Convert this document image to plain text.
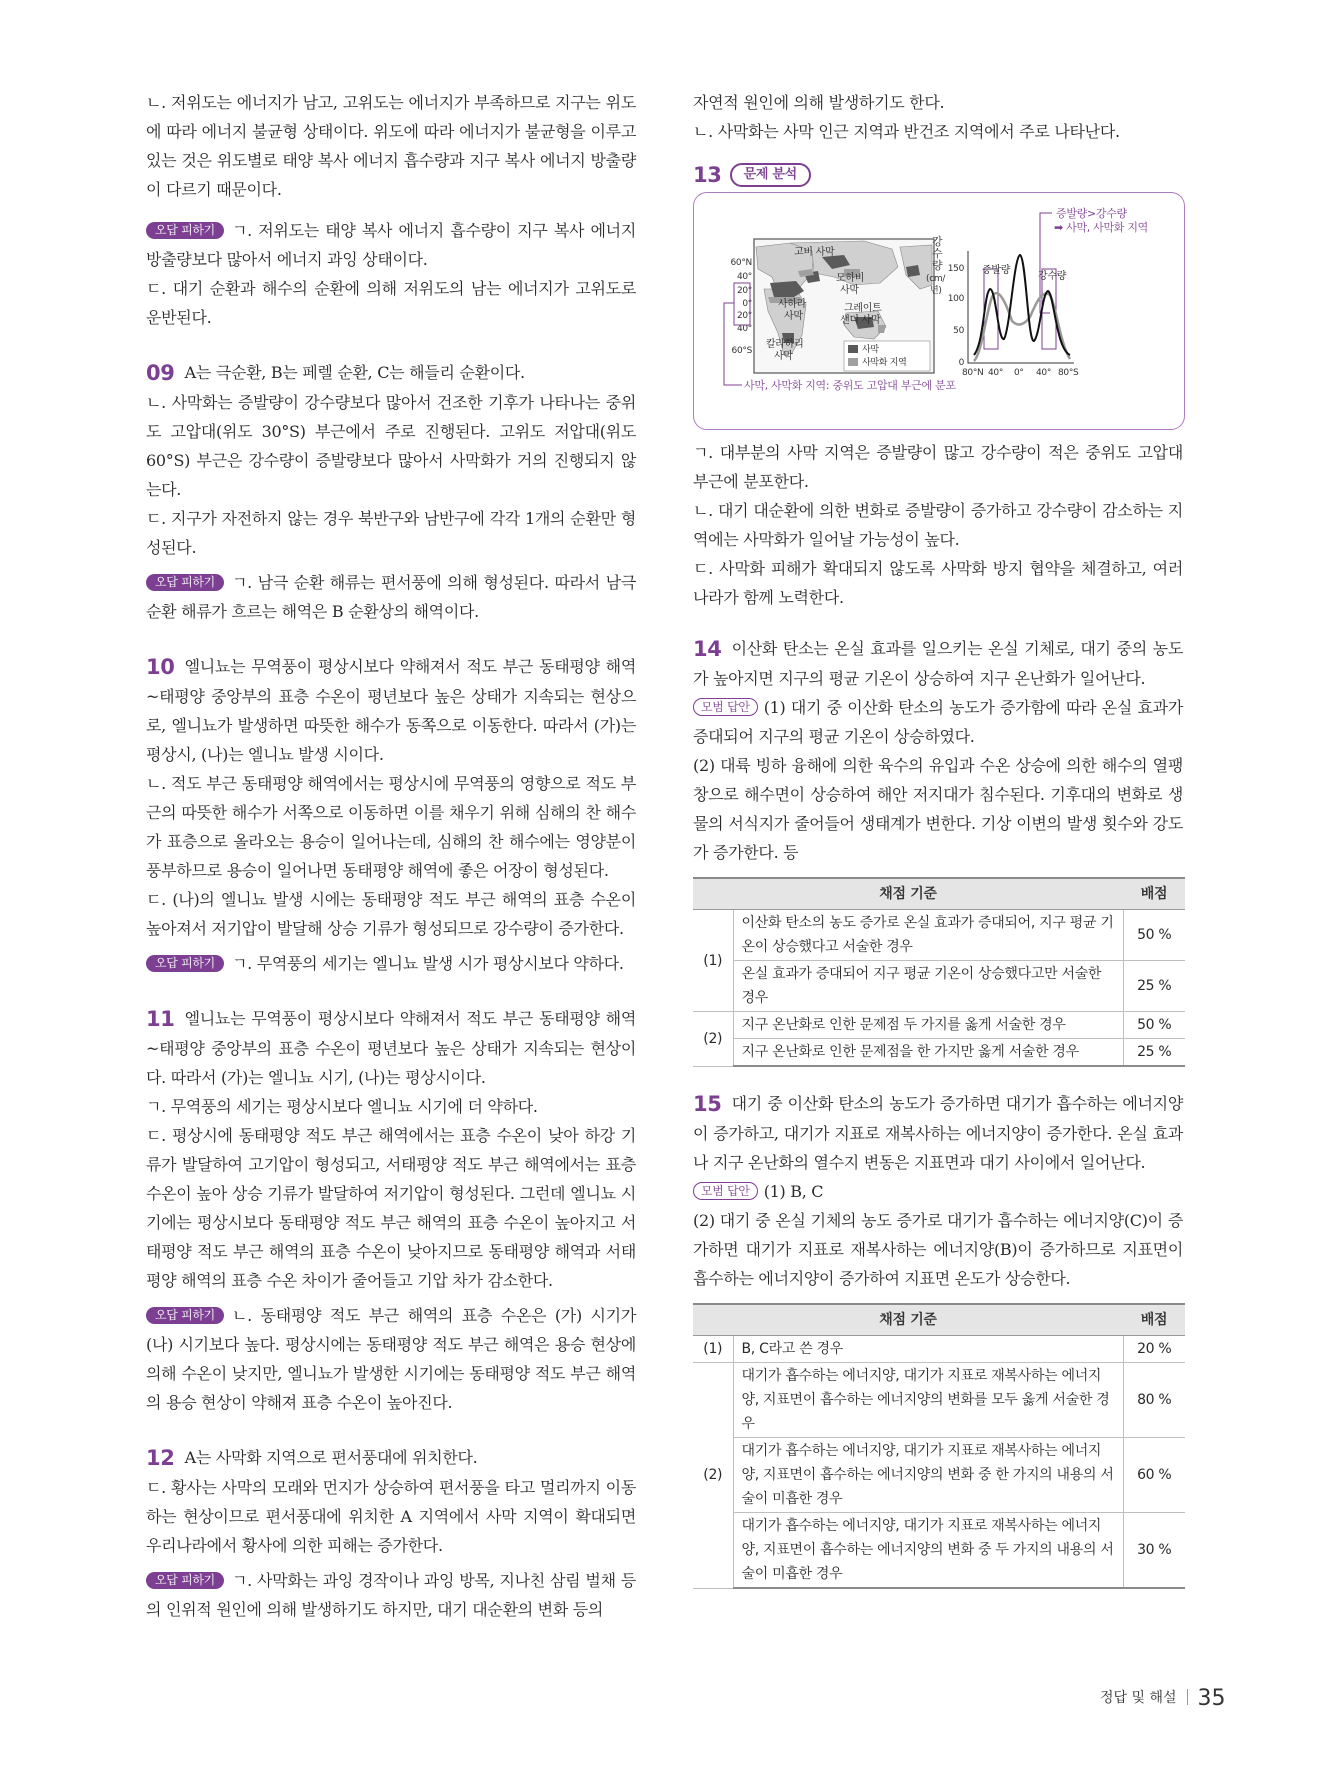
ㄴ. 저위도는 에너지가 남고, 고위도는 에너지가 부족하므로 지구는 위도에 따라 에너지 불균형 상태이다. 위도에 따라 에너지가 불균형을 이루고 있는 것은 위도별로 태양 복사 에너지 흡수량과 지구 복사 에너지 방출량이 다르기 때문이다.

오답 피하기 ㄱ. 저위도는 태양 복사 에너지 흡수량이 지구 복사 에너지 방출량보다 많아서 에너지 과잉 상태이다.

ㄷ. 대기 순환과 해수의 순환에 의해 저위도의 남는 에너지가 고위도로 운반된다.

09 A는 극순환, B는 페렐 순환, C는 해들리 순환이다.

ㄴ. 사막화는 증발량이 강수량보다 많아서 건조한 기후가 나타나는 중위도 고압대(위도 30°S) 부근에서 주로 진행된다. 고위도 저압대(위도 60°S) 부근은 강수량이 증발량보다 많아서 사막화가 거의 진행되지 않는다.

ㄷ. 지구가 자전하지 않는 경우 북반구와 남반구에 각각 1개의 순환만 형성된다.

오답 피하기 ㄱ. 남극 순환 해류는 편서풍에 의해 형성된다. 따라서 남극 순환 해류가 흐르는 해역은 B 순환상의 해역이다.

10 엘니뇨는 무역풍이 평상시보다 약해져서 적도 부근 동태평양 해역~태평양 중앙부의 표층 수온이 평년보다 높은 상태가 지속되는 현상으로, 엘니뇨가 발생하면 따뜻한 해수가 동쪽으로 이동한다. 따라서 (가)는 평상시, (나)는 엘니뇨 발생 시이다.

ㄴ. 적도 부근 동태평양 해역에서는 평상시에 무역풍의 영향으로 적도 부근의 따뜻한 해수가 서쪽으로 이동하면 이를 채우기 위해 심해의 찬 해수가 표층으로 올라오는 용승이 일어나는데, 심해의 찬 해수에는 영양분이 풍부하므로 용승이 일어나면 동태평양 해역에 좋은 어장이 형성된다.

ㄷ. (나)의 엘니뇨 발생 시에는 동태평양 적도 부근 해역의 표층 수온이 높아져서 저기압이 발달해 상승 기류가 형성되므로 강수량이 증가한다.

오답 피하기 ㄱ. 무역풍의 세기는 엘니뇨 발생 시가 평상시보다 약하다.

11 엘니뇨는 무역풍이 평상시보다 약해져서 적도 부근 동태평양 해역~태평양 중앙부의 표층 수온이 평년보다 높은 상태가 지속되는 현상이다. 따라서 (가)는 엘니뇨 시기, (나)는 평상시이다.

ㄱ. 무역풍의 세기는 평상시보다 엘니뇨 시기에 더 약하다.

ㄷ. 평상시에 동태평양 적도 부근 해역에서는 표층 수온이 낮아 하강 기류가 발달하여 고기압이 형성되고, 서태평양 적도 부근 해역에서는 표층 수온이 높아 상승 기류가 발달하여 저기압이 형성된다. 그런데 엘니뇨 시기에는 평상시보다 동태평양 적도 부근 해역의 표층 수온이 높아지고 서태평양 적도 부근 해역의 표층 수온이 낮아지므로 동태평양 해역과 서태평양 해역의 표층 수온 차이가 줄어들고 기압 차가 감소한다.

오답 피하기 ㄴ. 동태평양 적도 부근 해역의 표층 수온은 (가) 시기가 (나) 시기보다 높다. 평상시에는 동태평양 적도 부근 해역은 용승 현상에 의해 수온이 낮지만, 엘니뇨가 발생한 시기에는 동태평양 적도 부근 해역의 용승 현상이 약해져 표층 수온이 높아진다.

12 A는 사막화 지역으로 편서풍대에 위치한다.

ㄷ. 황사는 사막의 모래와 먼지가 상승하여 편서풍을 타고 멀리까지 이동하는 현상이므로 편서풍대에 위치한 A 지역에서 사막 지역이 확대되면 우리나라에서 황사에 의한 피해는 증가한다.

오답 피하기 ㄱ. 사막화는 과잉 경작이나 과잉 방목, 지나친 삼림 벌채 등의 인위적 원인에 의해 발생하기도 하지만, 대기 대순환의 변화 등의

자연적 원인에 의해 발생하기도 한다.

ㄴ. 사막화는 사막 인근 지역과 반건조 지역에서 주로 나타난다.

13	문제 분석
증발량>강수량
➡ 사막, 사막화 지역
고비 사막
모하비
사막
사하라
사막
그레이트
샌디 사막
칼라하리
사막
사막
사막화 지역
60°N
40°
20°
0°
20°
40°
60°S
사막, 사막화 지역: 중위도 고압대 부근에 분포
강
수
량
(cm/
년)
150
100
50
0
증발량
강수량
80°N 40° 0° 40° 80°S

ㄱ. 대부분의 사막 지역은 증발량이 많고 강수량이 적은 중위도 고압대 부근에 분포한다.

ㄴ. 대기 대순환에 의한 변화로 증발량이 증가하고 강수량이 감소하는 지역에는 사막화가 일어날 가능성이 높다.

ㄷ. 사막화 피해가 확대되지 않도록 사막화 방지 협약을 체결하고, 여러 나라가 함께 노력한다.

14 이산화 탄소는 온실 효과를 일으키는 온실 기체로, 대기 중의 농도가 높아지면 지구의 평균 기온이 상승하여 지구 온난화가 일어난다.

모범 답안 (1) 대기 중 이산화 탄소의 농도가 증가함에 따라 온실 효과가 증대되어 지구의 평균 기온이 상승하였다.

(2) 대륙 빙하 융해에 의한 육수의 유입과 수온 상승에 의한 해수의 열팽창으로 해수면이 상승하여 해안 저지대가 침수된다. 기후대의 변화로 생물의 서식지가 줄어들어 생태계가 변한다. 기상 이변의 발생 횟수와 강도가 증가한다. 등

채점 기준		배점
(1)	이산화 탄소의 농도 증가로 온실 효과가 증대되어, 지구 평균 기온이 상승했다고 서술한 경우	50 %
	온실 효과가 증대되어 지구 평균 기온이 상승했다고만 서술한 경우	25 %
(2)	지구 온난화로 인한 문제점 두 가지를 옳게 서술한 경우	50 %
	지구 온난화로 인한 문제점을 한 가지만 옳게 서술한 경우	25 %

15 대기 중 이산화 탄소의 농도가 증가하면 대기가 흡수하는 에너지양이 증가하고, 대기가 지표로 재복사하는 에너지양이 증가한다. 온실 효과나 지구 온난화의 열수지 변동은 지표면과 대기 사이에서 일어난다.

모범 답안 (1) B, C

(2) 대기 중 온실 기체의 농도 증가로 대기가 흡수하는 에너지양(C)이 증가하면 대기가 지표로 재복사하는 에너지양(B)이 증가하므로 지표면이 흡수하는 에너지양이 증가하여 지표면 온도가 상승한다.

채점 기준		배점
(1)	B, C라고 쓴 경우	20 %
(2)	대기가 흡수하는 에너지양, 대기가 지표로 재복사하는 에너지양, 지표면이 흡수하는 에너지양의 변화를 모두 옳게 서술한 경우	80 %
	대기가 흡수하는 에너지양, 대기가 지표로 재복사하는 에너지양, 지표면이 흡수하는 에너지양의 변화 중 한 가지의 내용의 서술이 미흡한 경우	60 %
	대기가 흡수하는 에너지양, 대기가 지표로 재복사하는 에너지양, 지표면이 흡수하는 에너지양의 변화 중 두 가지의 내용의 서술이 미흡한 경우	30 %
정답 및 해설 35
